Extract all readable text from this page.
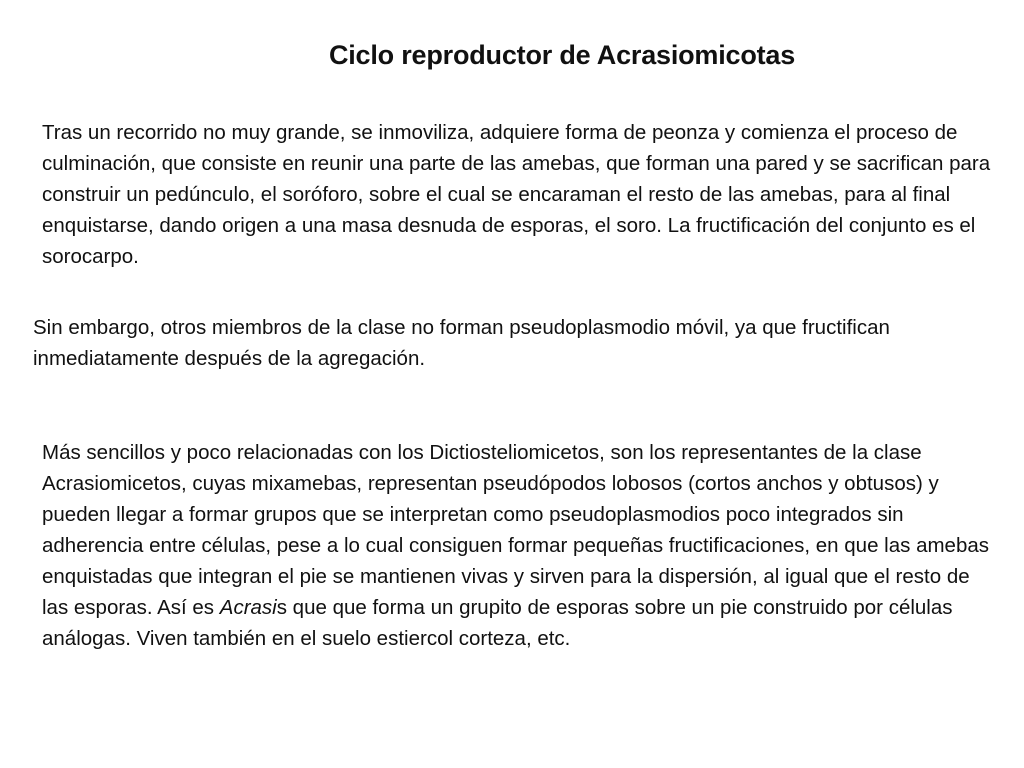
Ciclo reproductor de Acrasiomicotas

Tras un recorrido no muy grande, se inmoviliza, adquiere forma de peonza y comienza el proceso de culminación, que consiste en reunir una parte de las amebas, que forman una pared y se sacrifican para construir un pedúnculo, el soróforo, sobre el cual se encaraman el resto de las amebas, para al final enquistarse, dando origen a una masa desnuda de esporas, el soro. La fructificación del conjunto es el sorocarpo.

Sin embargo, otros miembros de la clase no forman pseudoplasmodio móvil, ya que fructifican inmediatamente después de la agregación.

Más sencillos y poco relacionadas con los Dictiosteliomicetos, son los representantes de la clase Acrasiomicetos, cuyas mixamebas, representan pseudópodos lobosos (cortos anchos y obtusos) y pueden llegar a formar grupos que se interpretan como pseudoplasmodios poco integrados sin adherencia entre células, pese a lo cual consiguen formar pequeñas fructificaciones, en que las amebas enquistadas que integran el pie se mantienen vivas y sirven para la dispersión, al igual que el resto de las esporas. Así es Acrasis que que forma un grupito de esporas sobre un pie construido por células análogas. Viven también en el suelo estiercol corteza, etc.
